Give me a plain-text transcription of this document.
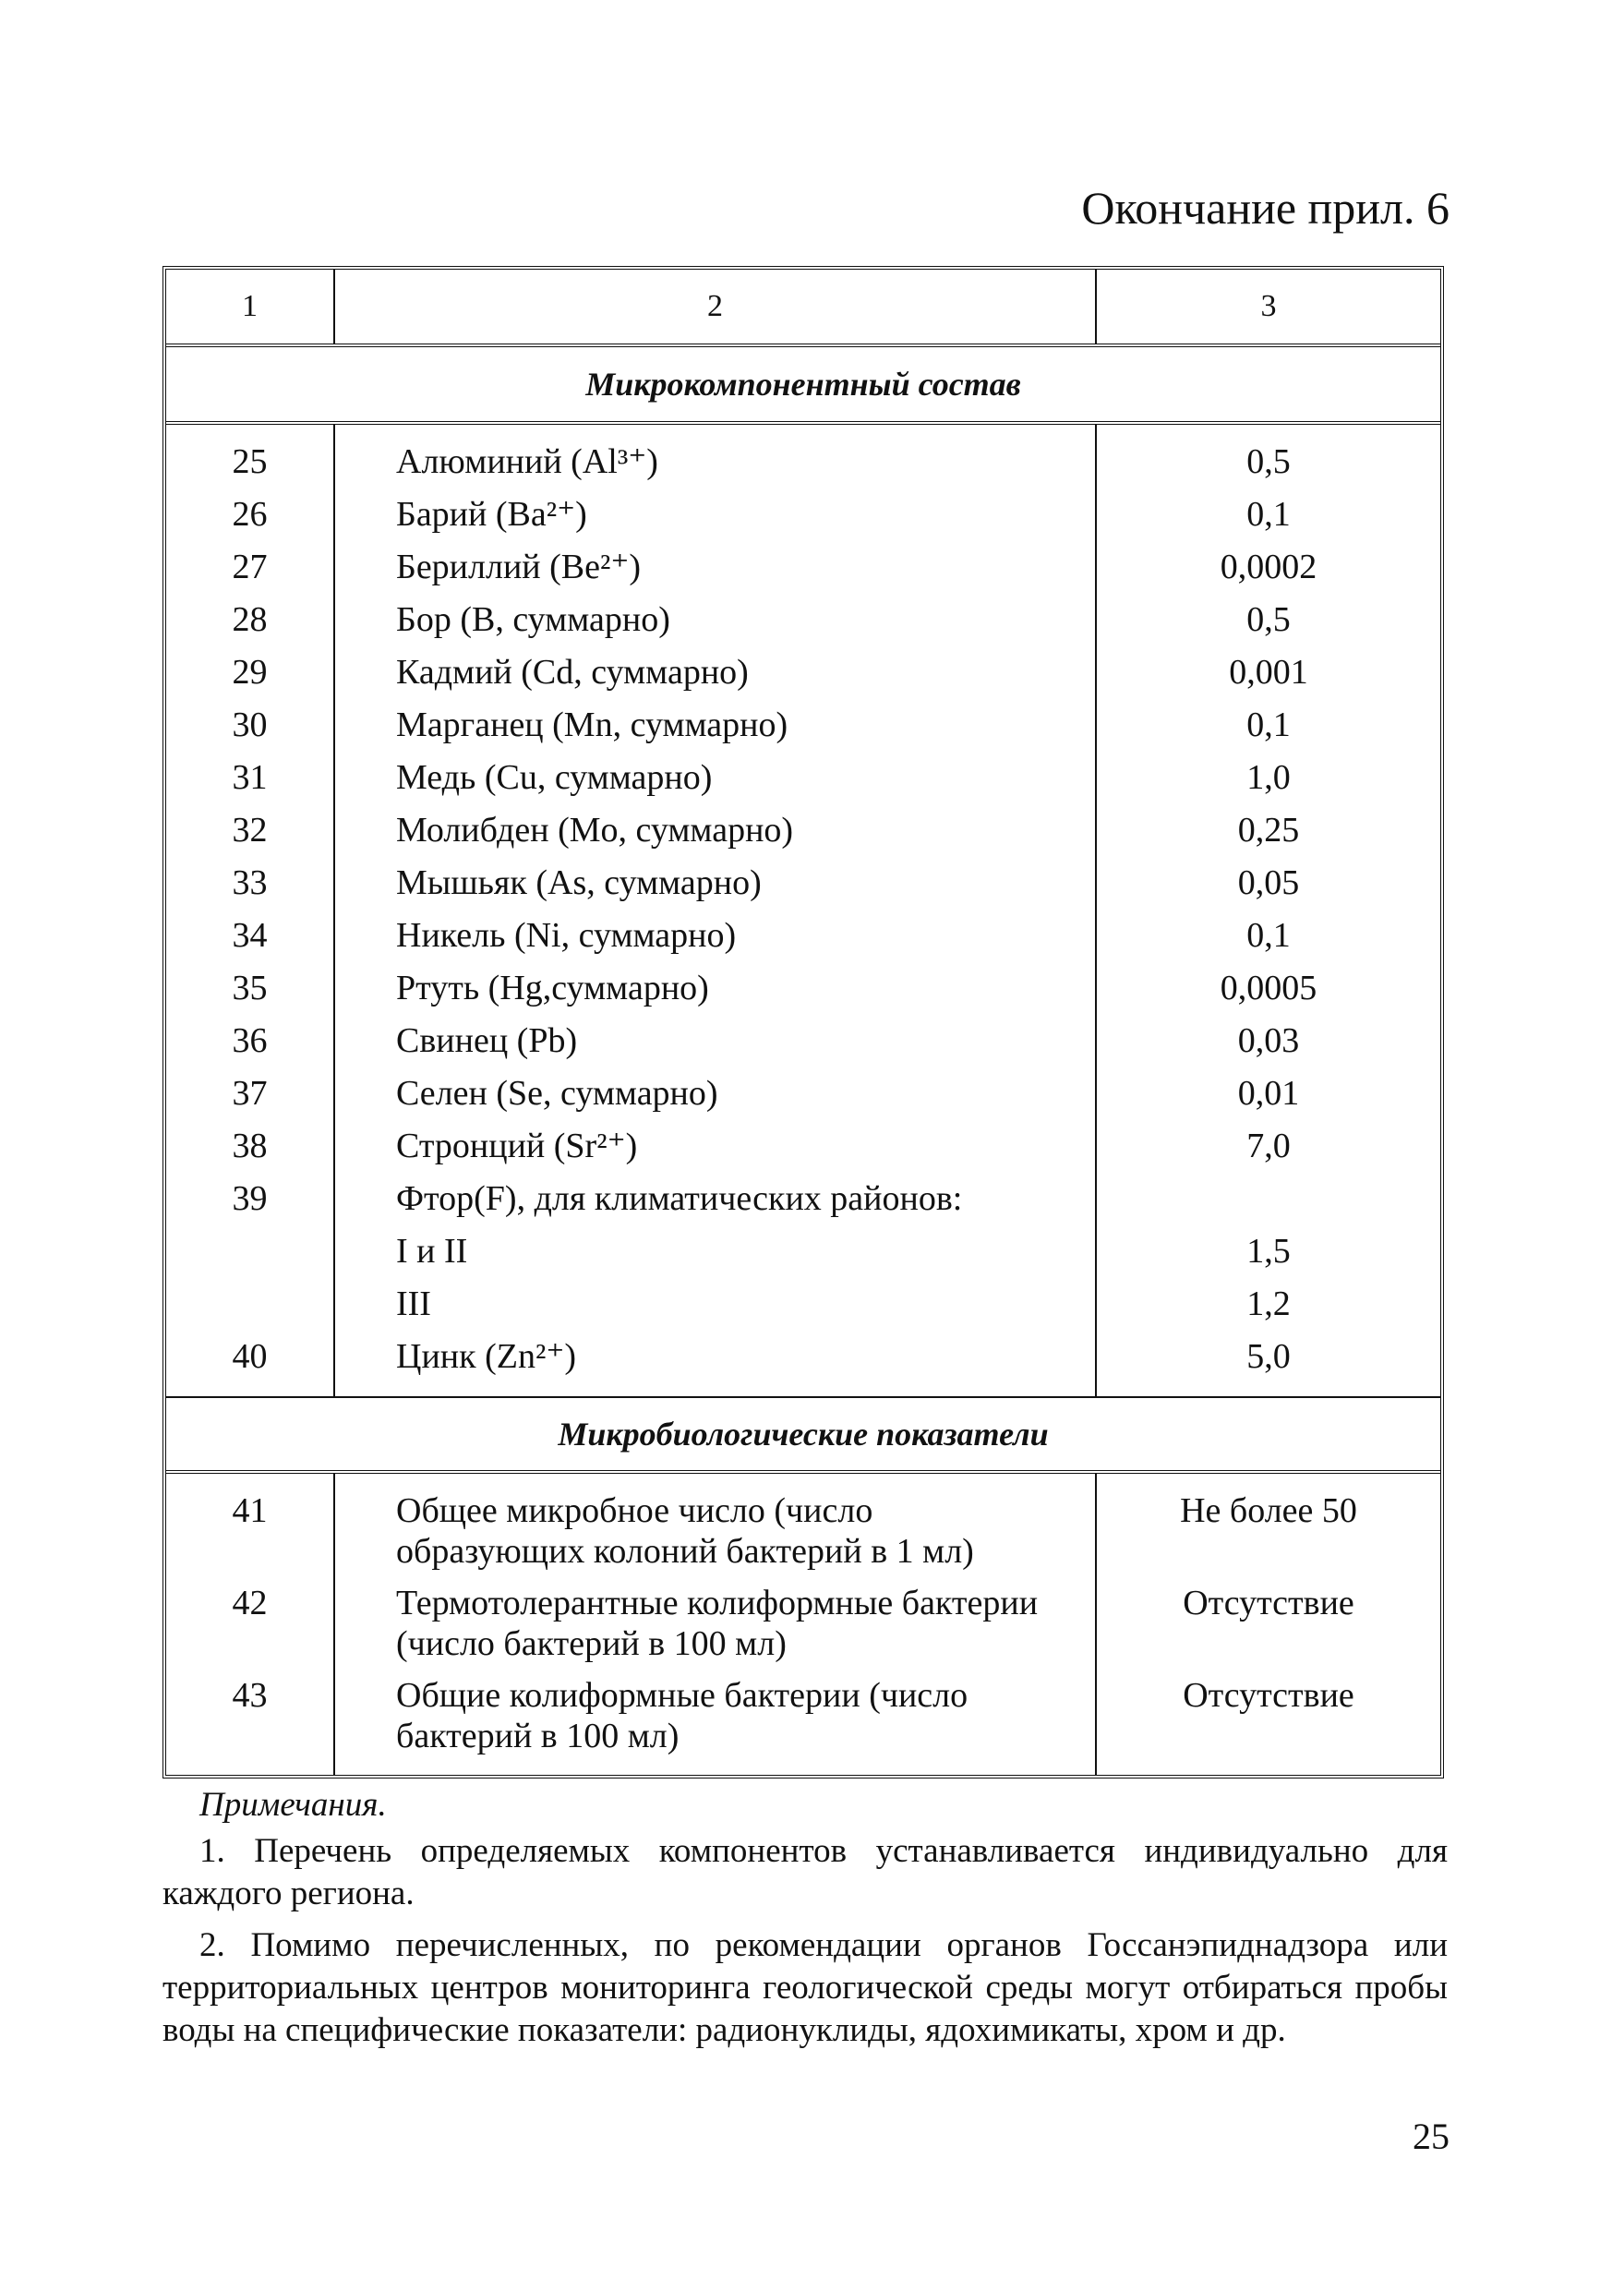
Окончание прил. 6
1	2	3
Микрокомпонентный состав
25
26
27
28
29
30
31
32
33
34
35
36
37
38
39
40
Алюминий (Al³⁺)
Барий (Ba²⁺)
Бериллий (Be²⁺)
Бор (В, суммарно)
Кадмий (Cd, суммарно)
Марганец (Mn, суммарно)
Медь (Cu, суммарно)
Молибден (Mo, суммарно)
Мышьяк (As, суммарно)
Никель (Ni, суммарно)
Ртуть (Hg,суммарно)
Свинец (Pb)
Селен (Se, суммарно)
Стронций (Sr²⁺)
Фтор(F), для климатических районов:
I и II
III
Цинк (Zn²⁺)
0,5
0,1
0,0002
0,5
0,001
0,1
1,0
0,25
0,05
0,1
0,0005
0,03
0,01
7,0
1,5
1,2
5,0
Микробиологические показатели
41
42
43
Общее микробное число (число образующих колоний бактерий в 1 мл)
Термотолерантные колиформные бактерии (число бактерий в 100 мл)
Общие колиформные бактерии (число бактерий в 100 мл)
Не более 50
Отсутствие
Отсутствие
Примечания.

1. Перечень определяемых компонентов устанавливается индивидуально для каждого региона.

2. Помимо перечисленных, по рекомендации органов Госсанэпиднадзора или территориальных центров мониторинга геологической среды могут отбираться пробы воды на специфические показатели: радионуклиды, ядохимикаты, хром и др.

25
